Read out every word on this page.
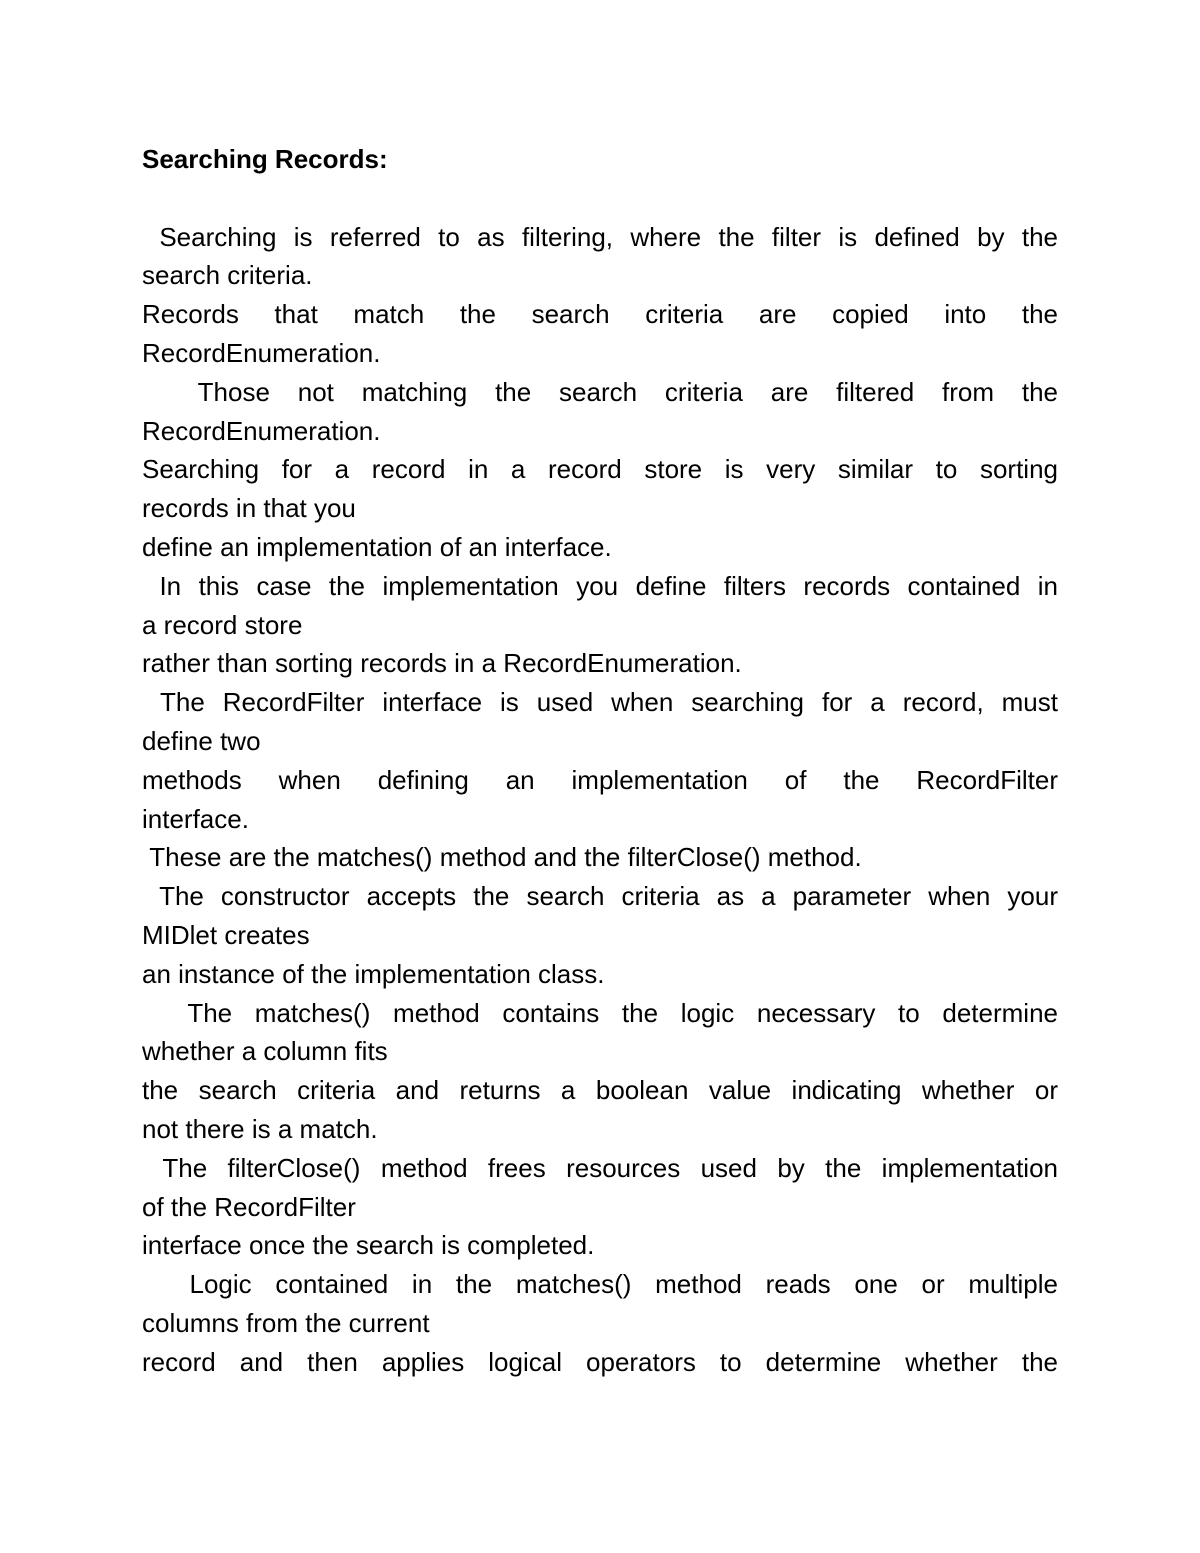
Searching Records:
Searching is referred to as filtering, where the filter is defined by the
search criteria.
Records that match the search criteria are copied into the
RecordEnumeration.
Those not matching the search criteria are filtered from the
RecordEnumeration.
Searching for a record in a record store is very similar to sorting
records in that you
define an implementation of an interface.
In this case the implementation you define filters records contained in
a record store
rather than sorting records in a RecordEnumeration.
The RecordFilter interface is used when searching for a record, must
define two
methods when defining an implementation of the RecordFilter
interface.
These are the matches() method and the filterClose() method.
The constructor accepts the search criteria as a parameter when your
MIDlet creates
an instance of the implementation class.
The matches() method contains the logic necessary to determine
whether a column fits
the search criteria and returns a boolean value indicating whether or
not there is a match.
The filterClose() method frees resources used by the implementation
of the RecordFilter
interface once the search is completed.
Logic contained in the matches() method reads one or multiple
columns from the current
record and then applies logical operators to determine whether the
